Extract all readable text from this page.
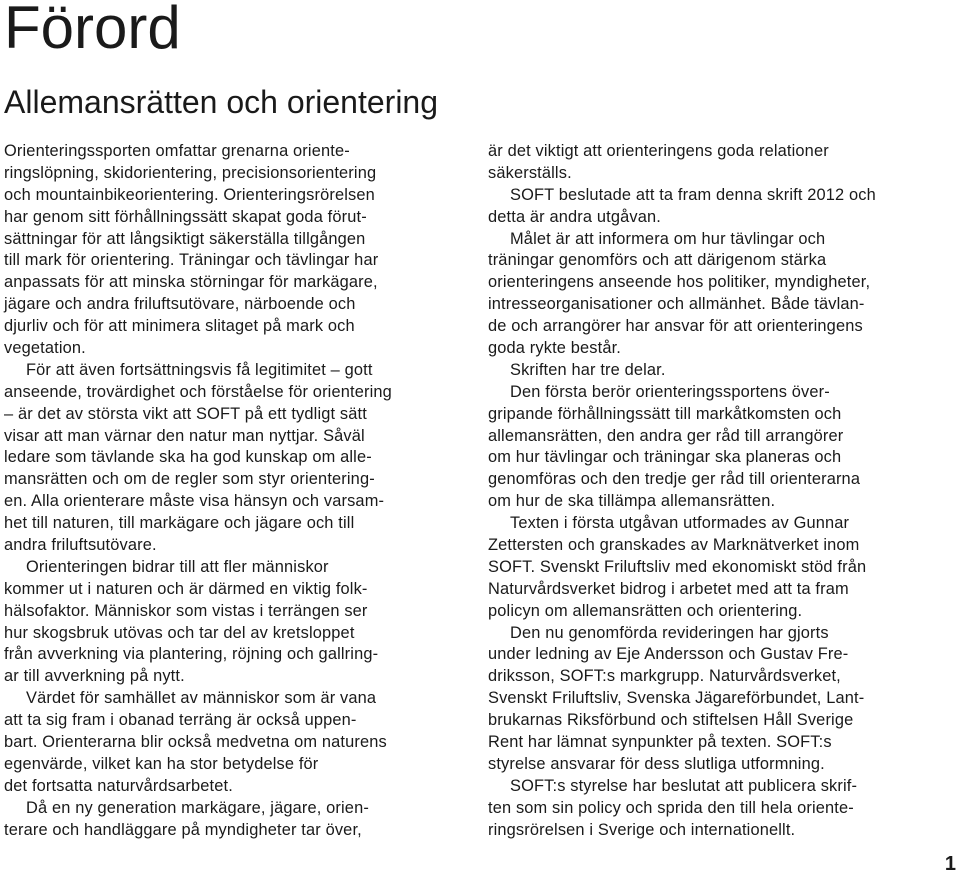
Förord
Allemansrätten och orientering
Orienteringssporten omfattar grenarna oriente-
ringslöpning, skidorientering, precisionsorientering
och mountainbikeorientering. Orienteringsrörelsen
har genom sitt förhållningssätt skapat goda förut-
sättningar för att långsiktigt säkerställa tillgången
till mark för orientering. Träningar och tävlingar har
anpassats för att minska störningar för markägare,
jägare och andra friluftsutövare, närboende och
djurliv och för att minimera slitaget på mark och
vegetation.
För att även fortsättningsvis få legitimitet – gott
anseende, trovärdighet och förståelse för orientering
– är det av största vikt att SOFT på ett tydligt sätt
visar att man värnar den natur man nyttjar. Såväl
ledare som tävlande ska ha god kunskap om alle-
mansrätten och om de regler som styr orientering-
en. Alla orienterare måste visa hänsyn och varsam-
het till naturen, till markägare och jägare och till
andra friluftsutövare.
Orienteringen bidrar till att fler människor
kommer ut i naturen och är därmed en viktig folk-
hälsofaktor. Människor som vistas i terrängen ser
hur skogsbruk utövas och tar del av kretsloppet
från avverkning via plantering, röjning och gallring-
ar till avverkning på nytt.
Värdet för samhället av människor som är vana
att ta sig fram i obanad terräng är också uppen-
bart. Orienterarna blir också medvetna om naturens
egenvärde, vilket kan ha stor betydelse för
det fortsatta naturvårdsarbetet.
Då en ny generation markägare, jägare, orien-
terare och handläggare på myndigheter tar över,
är det viktigt att orienteringens goda relationer
säkerställs.
SOFT beslutade att ta fram denna skrift 2012 och
detta är andra utgåvan.
Målet är att informera om hur tävlingar och
träningar genomförs och att därigenom stärka
orienteringens anseende hos politiker, myndigheter,
intresseorganisationer och allmänhet. Både tävlan-
de och arrangörer har ansvar för att orienteringens
goda rykte består.
Skriften har tre delar.
Den första berör orienteringssportens över-
gripande förhållningssätt till markåtkomsten och
allemansrätten, den andra ger råd till arrangörer
om hur tävlingar och träningar ska planeras och
genomföras och den tredje ger råd till orienterarna
om hur de ska tillämpa allemansrätten.
Texten i första utgåvan utformades av Gunnar
Zettersten och granskades av Marknätverket inom
SOFT. Svenskt Friluftsliv med ekonomiskt stöd från
Naturvårdsverket bidrog i arbetet med att ta fram
policyn om allemansrätten och orientering.
Den nu genomförda revideringen har gjorts
under ledning av Eje Andersson och Gustav Fre-
driksson, SOFT:s markgrupp. Naturvårdsverket,
Svenskt Friluftsliv, Svenska Jägareförbundet, Lant-
brukarnas Riksförbund och stiftelsen Håll Sverige
Rent har lämnat synpunkter på texten. SOFT:s
styrelse ansvarar för dess slutliga utformning.
SOFT:s styrelse har beslutat att publicera skrif-
ten som sin policy och sprida den till hela oriente-
ringsrörelsen i Sverige och internationellt.
1
